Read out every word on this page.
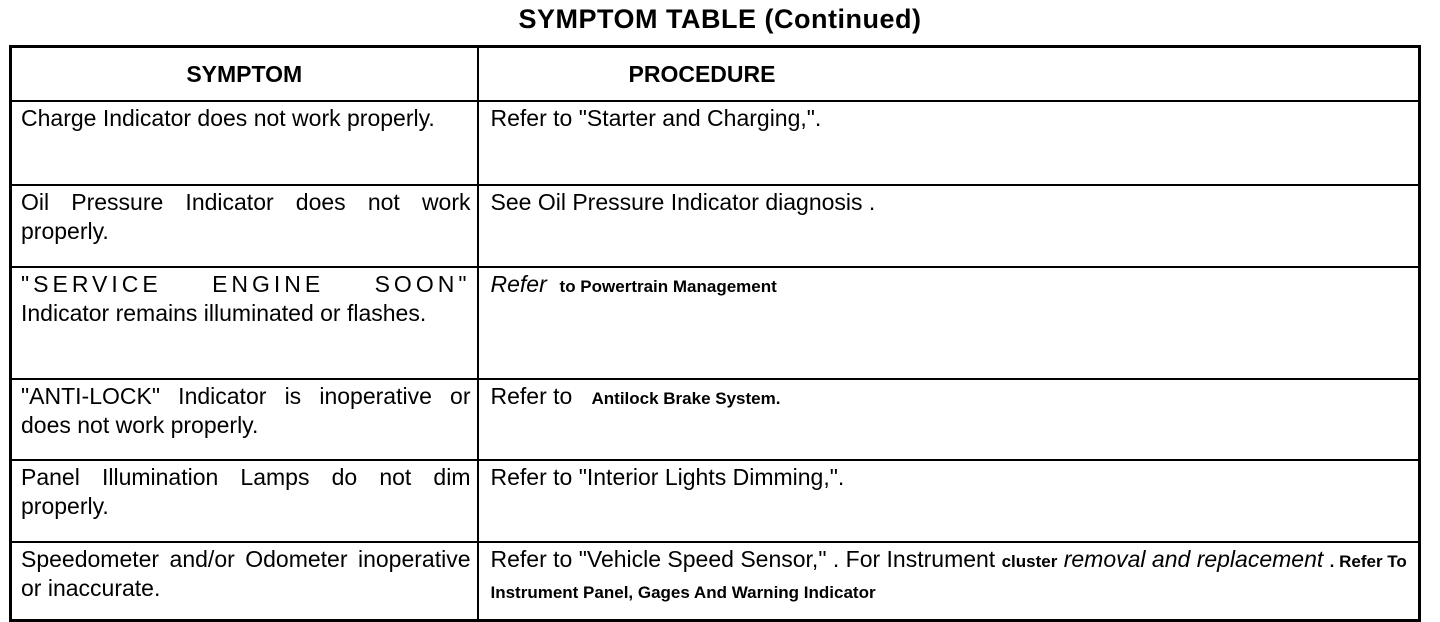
SYMPTOM TABLE (Continued)
SYMPTOM	PROCEDURE
Charge Indicator does not work properly.	Refer to "Starter and Charging,".
Oil Pressure Indicator does not work properly.	See Oil Pressure Indicator diagnosis .
"SERVICE ENGINE SOON" Indicator remains illuminated or flashes.	Refer to Powertrain Management
"ANTI-LOCK" Indicator is inoperative or does not work properly.	Refer to Antilock Brake System.
Panel Illumination Lamps do not dim properly.	Refer to "Interior Lights Dimming,".
Speedometer and/or Odometer inoperative or inaccurate.	Refer to "Vehicle Speed Sensor," . For Instrument cluster removal and replacement . Refer To Instrument Panel, Gages And Warning Indicator
